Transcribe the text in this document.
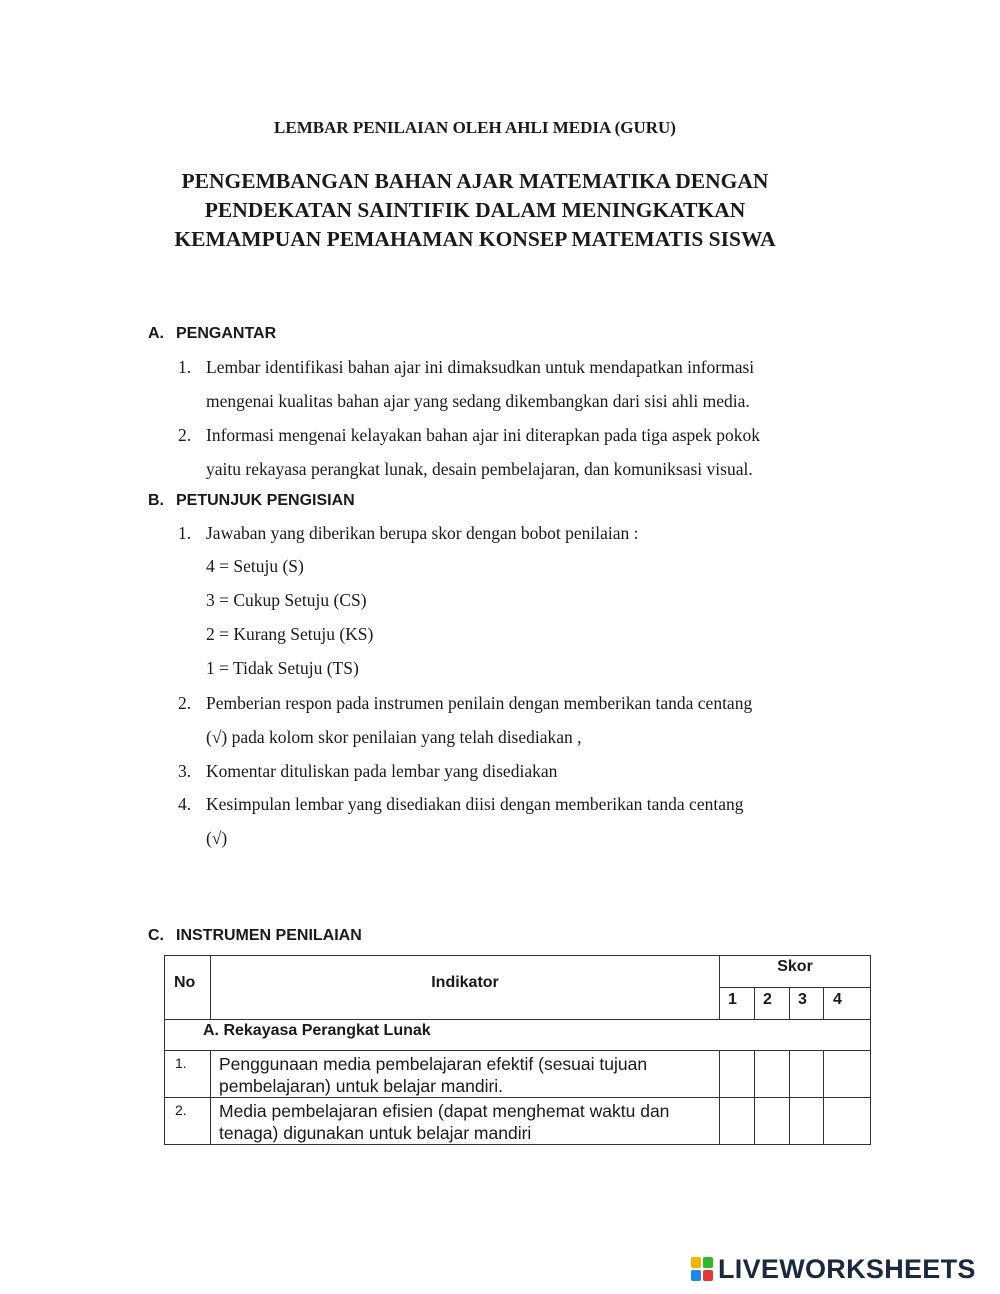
LEMBAR PENILAIAN OLEH AHLI MEDIA (GURU)
PENGEMBANGAN BAHAN AJAR MATEMATIKA DENGAN
PENDEKATAN SAINTIFIK DALAM MENINGKATKAN
KEMAMPUAN PEMAHAMAN KONSEP MATEMATIS SISWA
A. PENGANTAR
1. Lembar identifikasi bahan ajar ini dimaksudkan untuk mendapatkan informasi
mengenai kualitas bahan ajar yang sedang dikembangkan dari sisi ahli media.
2. Informasi mengenai kelayakan bahan ajar ini diterapkan pada tiga aspek pokok
yaitu rekayasa perangkat lunak, desain pembelajaran, dan komuniksasi visual.
B. PETUNJUK PENGISIAN
1. Jawaban yang diberikan berupa skor dengan bobot penilaian :
4 = Setuju (S)
3 = Cukup Setuju (CS)
2 = Kurang Setuju (KS)
1 = Tidak Setuju (TS)
2. Pemberian respon pada instrumen penilain dengan memberikan tanda centang
(√) pada kolom skor penilaian yang telah disediakan ,
3. Komentar dituliskan pada lembar yang disediakan
4. Kesimpulan lembar yang disediakan diisi dengan memberikan tanda centang
(√)
C. INSTRUMEN PENILAIAN
No	Indikator	Skor			
		1	2	3	4
A. Rekayasa Perangkat Lunak					
1.	Penggunaan media pembelajaran efektif (sesuai tujuan pembelajaran) untuk belajar mandiri.				
2.	Media pembelajaran efisien (dapat menghemat waktu dan tenaga) digunakan untuk belajar mandiri				
LIVEWORKSHEETS
